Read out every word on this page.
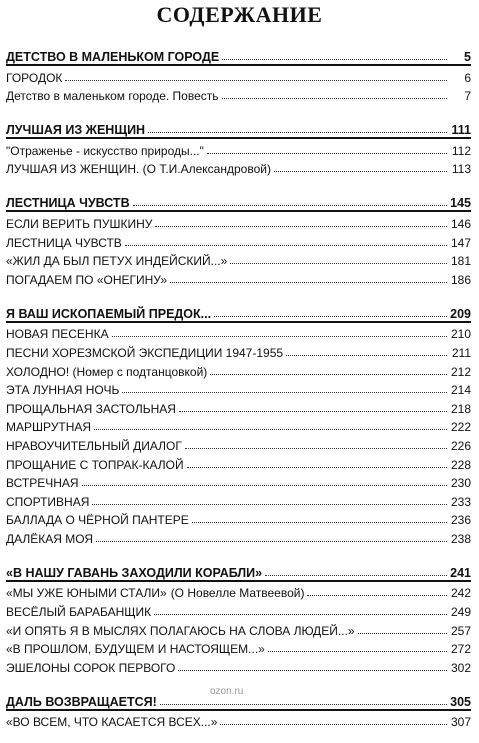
СОДЕРЖАНИЕ
ДЕТСТВО В МАЛЕНЬКОМ ГОРОДЕ	5
ГОРОДОК	6
Детство в маленьком городе. Повесть	7
ЛУЧШАЯ ИЗ ЖЕНЩИН	111
"Отраженье - искусство природы..."	112
ЛУЧШАЯ ИЗ ЖЕНЩИН. (О Т.И.Александровой)	113
ЛЕСТНИЦА ЧУВСТВ	145
ЕСЛИ ВЕРИТЬ ПУШКИНУ	146
ЛЕСТНИЦА ЧУВСТВ	147
«ЖИЛ ДА БЫЛ ПЕТУХ ИНДЕЙСКИЙ...»	181
ПОГАДАЕМ ПО «ОНЕГИНУ»	186
Я ВАШ ИСКОПАЕМЫЙ ПРЕДОК...	209
НОВАЯ ПЕСЕНКА	210
ПЕСНИ ХОРЕЗМСКОЙ ЭКСПЕДИЦИИ 1947-1955	211
ХОЛОДНО! (Номер с подтанцовкой)	212
ЭТА ЛУННАЯ НОЧЬ	214
ПРОЩАЛЬНАЯ ЗАСТОЛЬНАЯ	218
МАРШРУТНАЯ	222
НРАВОУЧИТЕЛЬНЫЙ ДИАЛОГ	226
ПРОЩАНИЕ С ТОПРАК-КАЛОЙ	228
ВСТРЕЧНАЯ	230
СПОРТИВНАЯ	233
БАЛЛАДА О ЧЁРНОЙ ПАНТЕРЕ	236
ДАЛЁКАЯ МОЯ	238
«В НАШУ ГАВАНЬ ЗАХОДИЛИ КОРАБЛИ»	241
«МЫ УЖЕ ЮНЫМИ СТАЛИ» (О Новелле Матвеевой)	242
ВЕСЁЛЫЙ БАРАБАНЩИК	249
«И ОПЯТЬ Я В МЫСЛЯХ ПОЛАГАЮСЬ НА СЛОВА ЛЮДЕЙ...»	257
«В ПРОШЛОМ, БУДУЩЕМ И НАСТОЯЩЕМ...»	272
ЭШЕЛОНЫ СОРОК ПЕРВОГО	302
ДАЛЬ ВОЗВРАЩАЕТСЯ!	305
«ВО ВСЕМ, ЧТО КАСАЕТСЯ ВСЕХ...»	307
ozon.ru
